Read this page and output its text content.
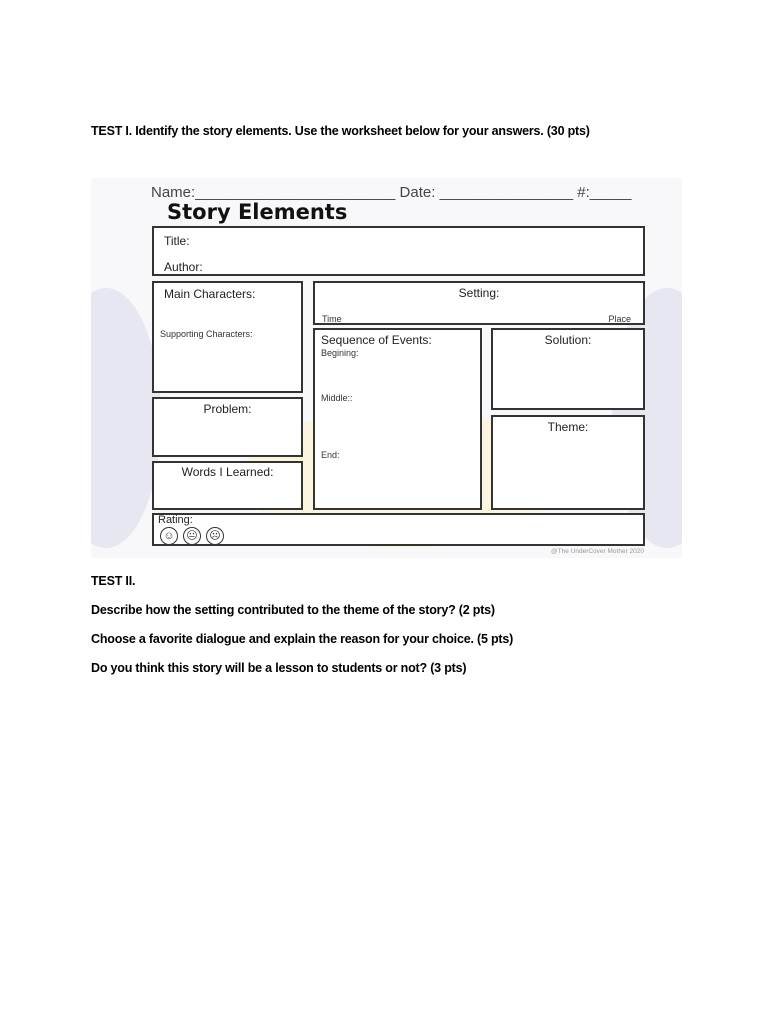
TEST I. Identify the story elements. Use the worksheet below for your answers. (30 pts)
Name:________________________ Date: ________________ #:_____
Story Elements
Title:
Author:
Main Characters:
Supporting Characters:
Setting:
Time	Place
Sequence of Events:
Begining:
Middle::
End:
Solution:
Problem:
Theme:
Words I Learned:
Rating:
☺	😐 ☹
@The UnderCover Mother 2020
TEST II.
Describe how the setting contributed to the theme of the story? (2 pts)
Choose a favorite dialogue and explain the reason for your choice. (5 pts)
Do you think this story will be a lesson to students or not? (3 pts)
